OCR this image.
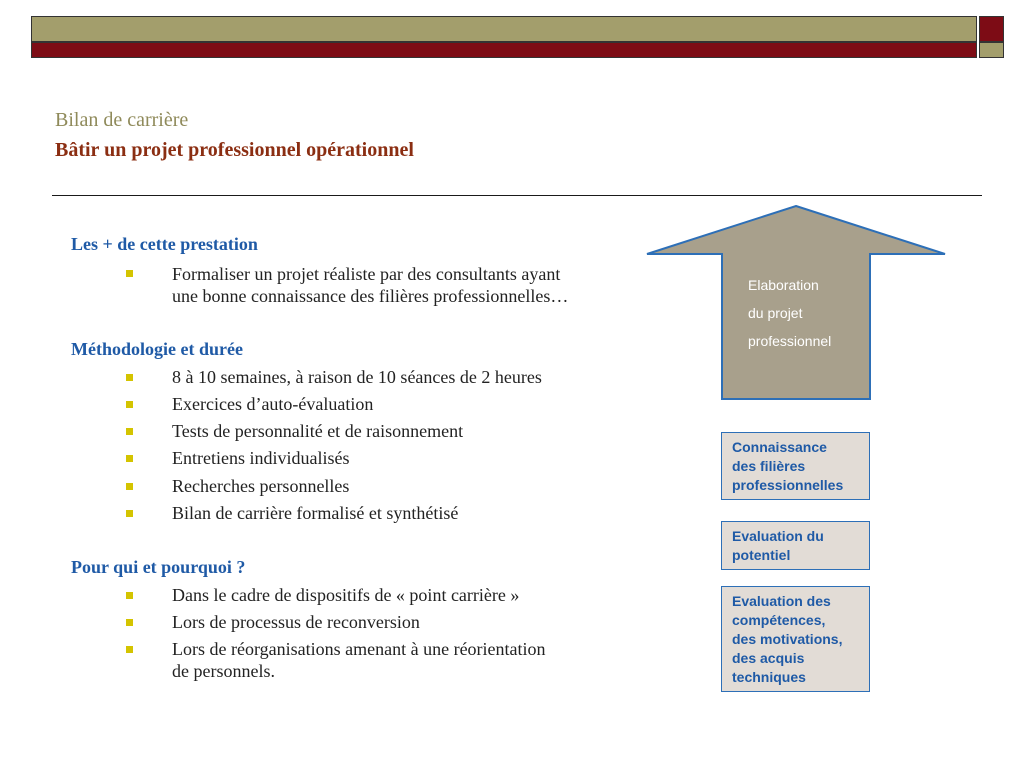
Bilan de carrière
Bâtir un projet professionnel opérationnel
Les + de cette prestation
Formaliser un projet réaliste par des consultants ayant
une bonne connaissance des filières professionnelles…
Méthodologie et durée
8 à 10 semaines, à raison de 10 séances de 2 heures
Exercices d’auto-évaluation
Tests de personnalité et de raisonnement
Entretiens individualisés
Recherches personnelles
Bilan de carrière formalisé et synthétisé
Pour qui et pourquoi ?
Dans le cadre de dispositifs de « point carrière »
Lors de processus de reconversion
Lors de réorganisations amenant à une réorientation
de personnels.
Elaboration
du projet
professionnel
Connaissance
des filières
professionnelles
Evaluation du
potentiel
Evaluation des
compétences,
des motivations,
des acquis
techniques
